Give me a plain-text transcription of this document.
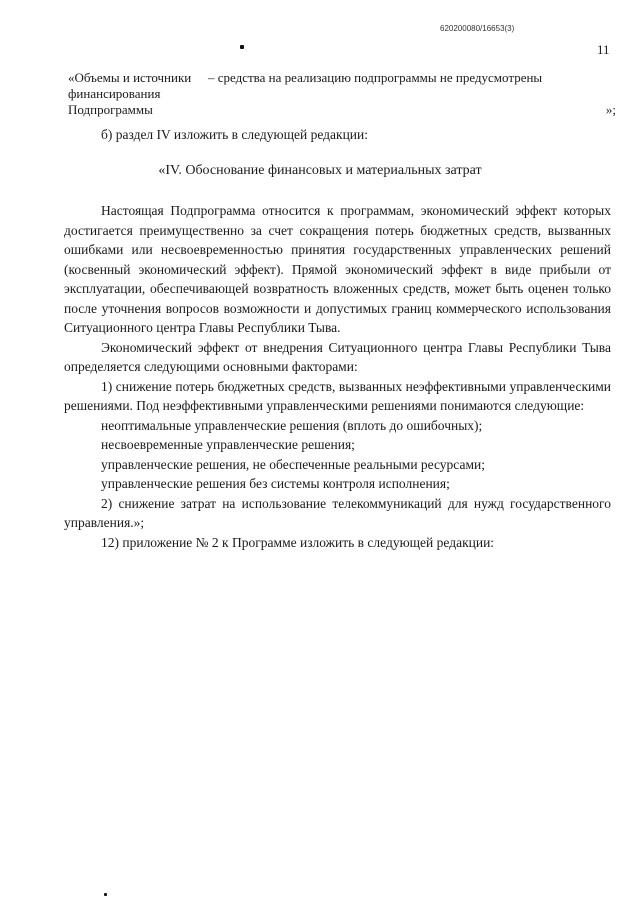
620200080/16653(3)
11
«Объемы и источники финансирования Подпрограммы
– средства на реализацию подпрограммы не предусмотрены
»;

б) раздел IV изложить в следующей редакции:

«IV. Обоснование финансовых и материальных затрат

Настоящая Подпрограмма относится к программам, экономический эффект которых достигается преимущественно за счет сокращения потерь бюджетных средств, вызванных ошибками или несвоевременностью принятия государственных управленческих решений (косвенный экономический эффект). Прямой экономический эффект в виде прибыли от эксплуатации, обеспечивающей возвратность вложенных средств, может быть оценен только после уточнения вопросов возможности и допустимых границ коммерческого использования Ситуационного центра Главы Республики Тыва.

Экономический эффект от внедрения Ситуационного центра Главы Республики Тыва определяется следующими основными факторами:

1) снижение потерь бюджетных средств, вызванных неэффективными управленческими решениями. Под неэффективными управленческими решениями понимаются следующие:

неоптимальные управленческие решения (вплоть до ошибочных);

несвоевременные управленческие решения;

управленческие решения, не обеспеченные реальными ресурсами;

управленческие решения без системы контроля исполнения;

2) снижение затрат на использование телекоммуникаций для нужд государственного управления.»;

12) приложение № 2 к Программе изложить в следующей редакции:
